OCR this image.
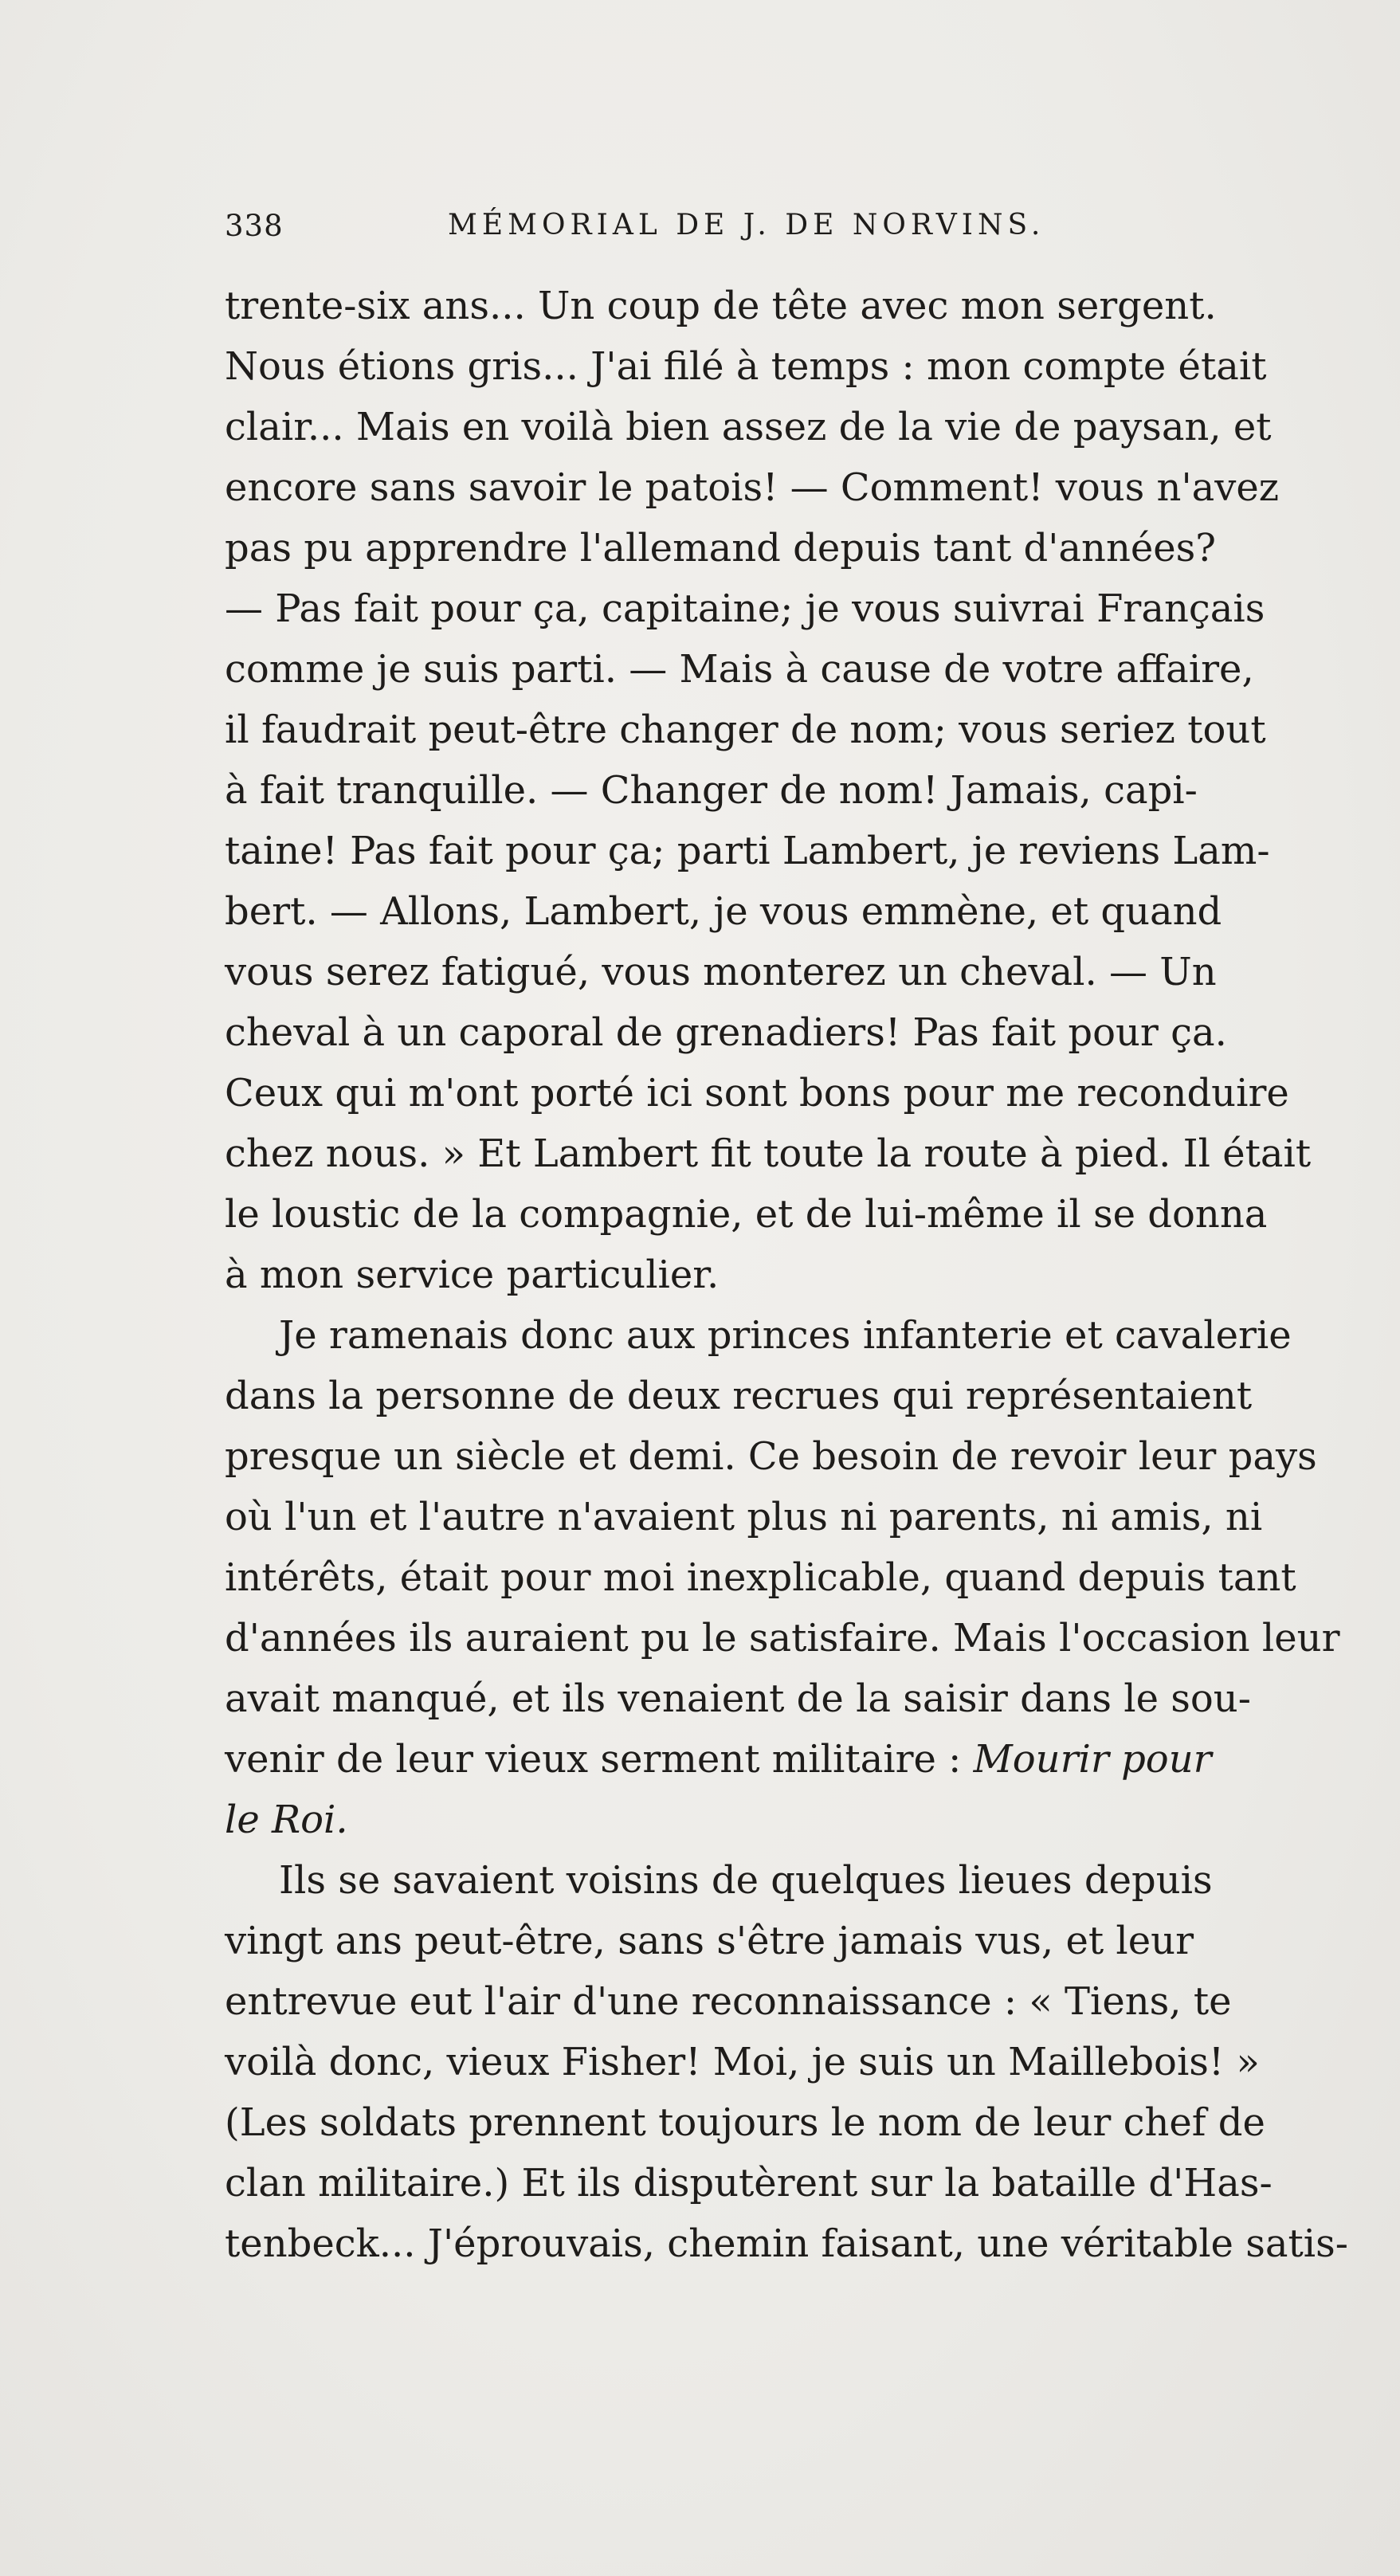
338	MÉMORIAL DE J. DE NORVINS.
trente-six ans... Un coup de tête avec mon sergent.
Nous étions gris... J'ai filé à temps : mon compte était
clair... Mais en voilà bien assez de la vie de paysan, et
encore sans savoir le patois! — Comment! vous n'avez
pas pu apprendre l'allemand depuis tant d'années?
— Pas fait pour ça, capitaine; je vous suivrai Français
comme je suis parti. — Mais à cause de votre affaire,
il faudrait peut-être changer de nom; vous seriez tout
à fait tranquille. — Changer de nom! Jamais, capi-
taine! Pas fait pour ça; parti Lambert, je reviens Lam-
bert. — Allons, Lambert, je vous emmène, et quand
vous serez fatigué, vous monterez un cheval. — Un
cheval à un caporal de grenadiers! Pas fait pour ça.
Ceux qui m'ont porté ici sont bons pour me reconduire
chez nous. » Et Lambert fit toute la route à pied. Il était
le loustic de la compagnie, et de lui-même il se donna
à mon service particulier.
Je ramenais donc aux princes infanterie et cavalerie
dans la personne de deux recrues qui représentaient
presque un siècle et demi. Ce besoin de revoir leur pays
où l'un et l'autre n'avaient plus ni parents, ni amis, ni
intérêts, était pour moi inexplicable, quand depuis tant
d'années ils auraient pu le satisfaire. Mais l'occasion leur
avait manqué, et ils venaient de la saisir dans le sou-
venir de leur vieux serment militaire : Mourir pour
le Roi.
Ils se savaient voisins de quelques lieues depuis
vingt ans peut-être, sans s'être jamais vus, et leur
entrevue eut l'air d'une reconnaissance : « Tiens, te
voilà donc, vieux Fisher! Moi, je suis un Maillebois! »
(Les soldats prennent toujours le nom de leur chef de
clan militaire.) Et ils disputèrent sur la bataille d'Has-
tenbeck... J'éprouvais, chemin faisant, une véritable satis-
